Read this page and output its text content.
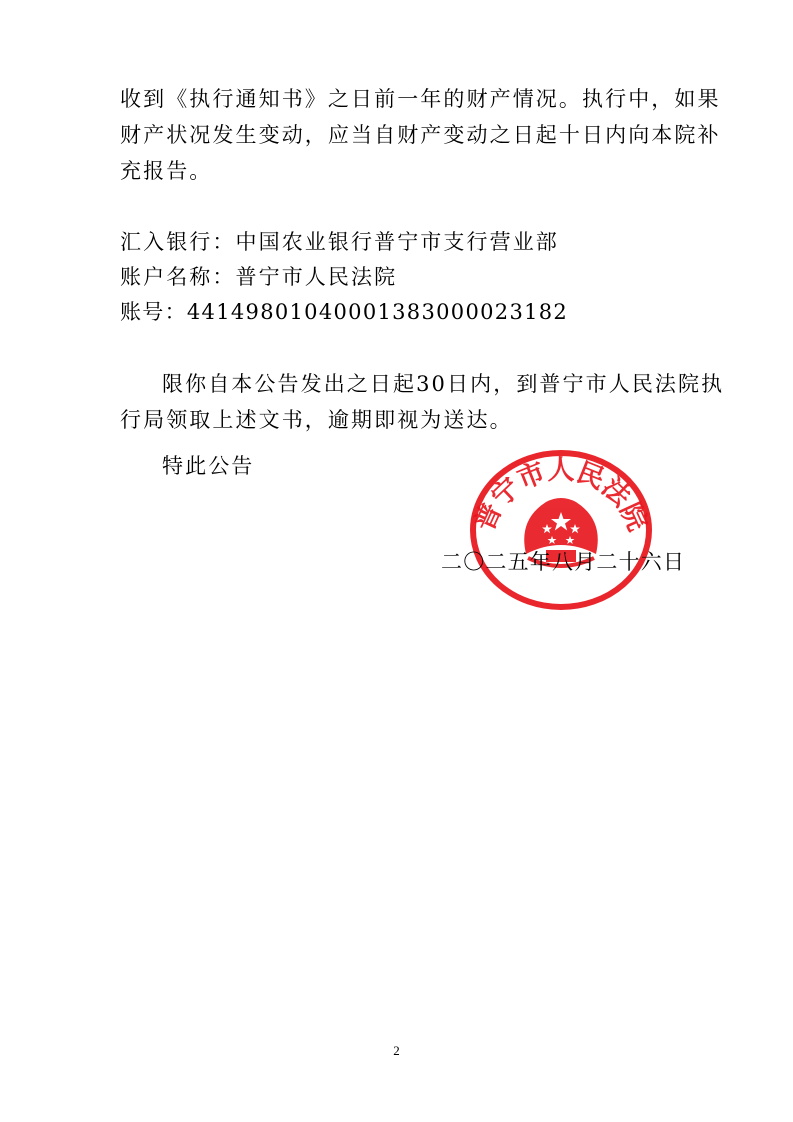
收到《执行通知书》之日前一年的财产情况。执行中，如果
财产状况发生变动，应当自财产变动之日起十日内向本院补
充报告。
汇入银行：中国农业银行普宁市支行营业部
账户名称：普宁市人民法院
账号：44149801040001383000023182
限你自本公告发出之日起30日内，到普宁市人民法院执
行局领取上述文书，逾期即视为送达。
特此公告
普宁市人民法院
二〇二五年八月二十六日
2
